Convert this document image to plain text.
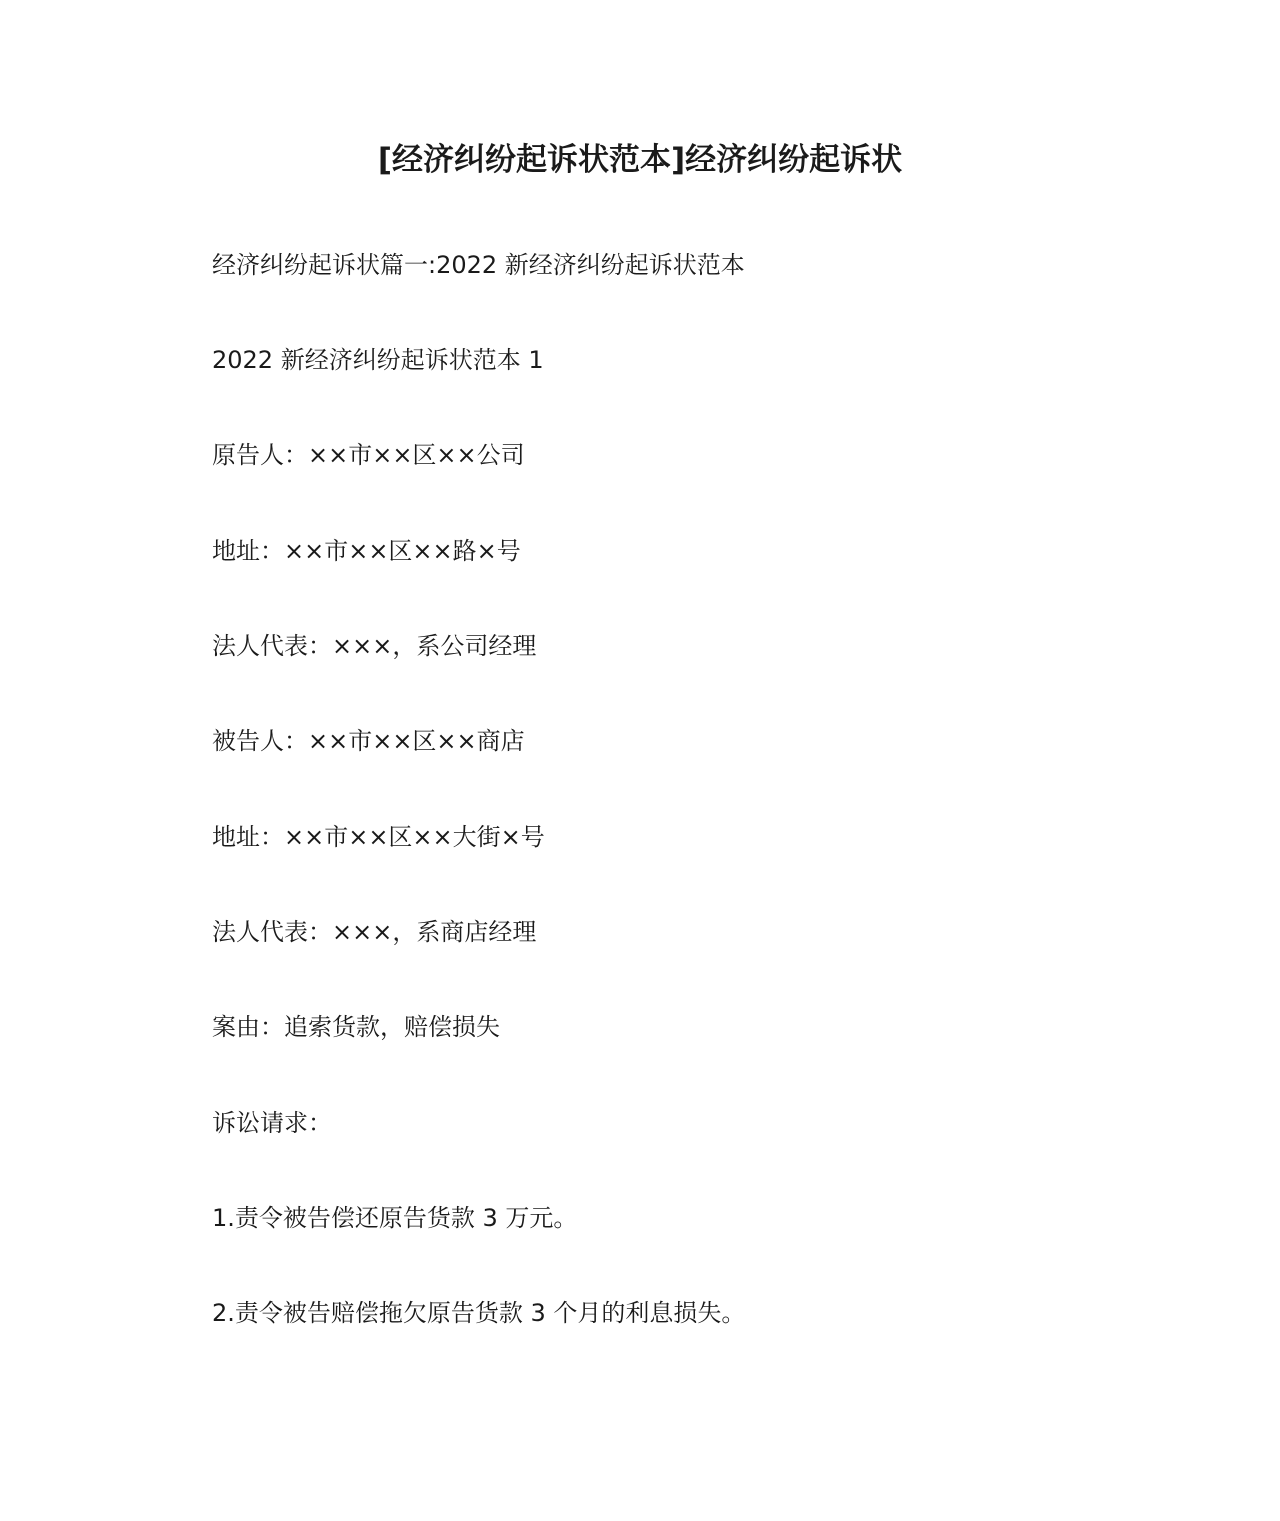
[经济纠纷起诉状范本]经济纠纷起诉状
经济纠纷起诉状篇一:2022 新经济纠纷起诉状范本
2022 新经济纠纷起诉状范本 1
原告人：××市××区××公司
地址：××市××区××路×号
法人代表：×××，系公司经理
被告人：××市××区××商店
地址：××市××区××大街×号
法人代表：×××，系商店经理
案由：追索货款，赔偿损失
诉讼请求：
1.责令被告偿还原告货款 3 万元。
2.责令被告赔偿拖欠原告货款 3 个月的利息损失。
